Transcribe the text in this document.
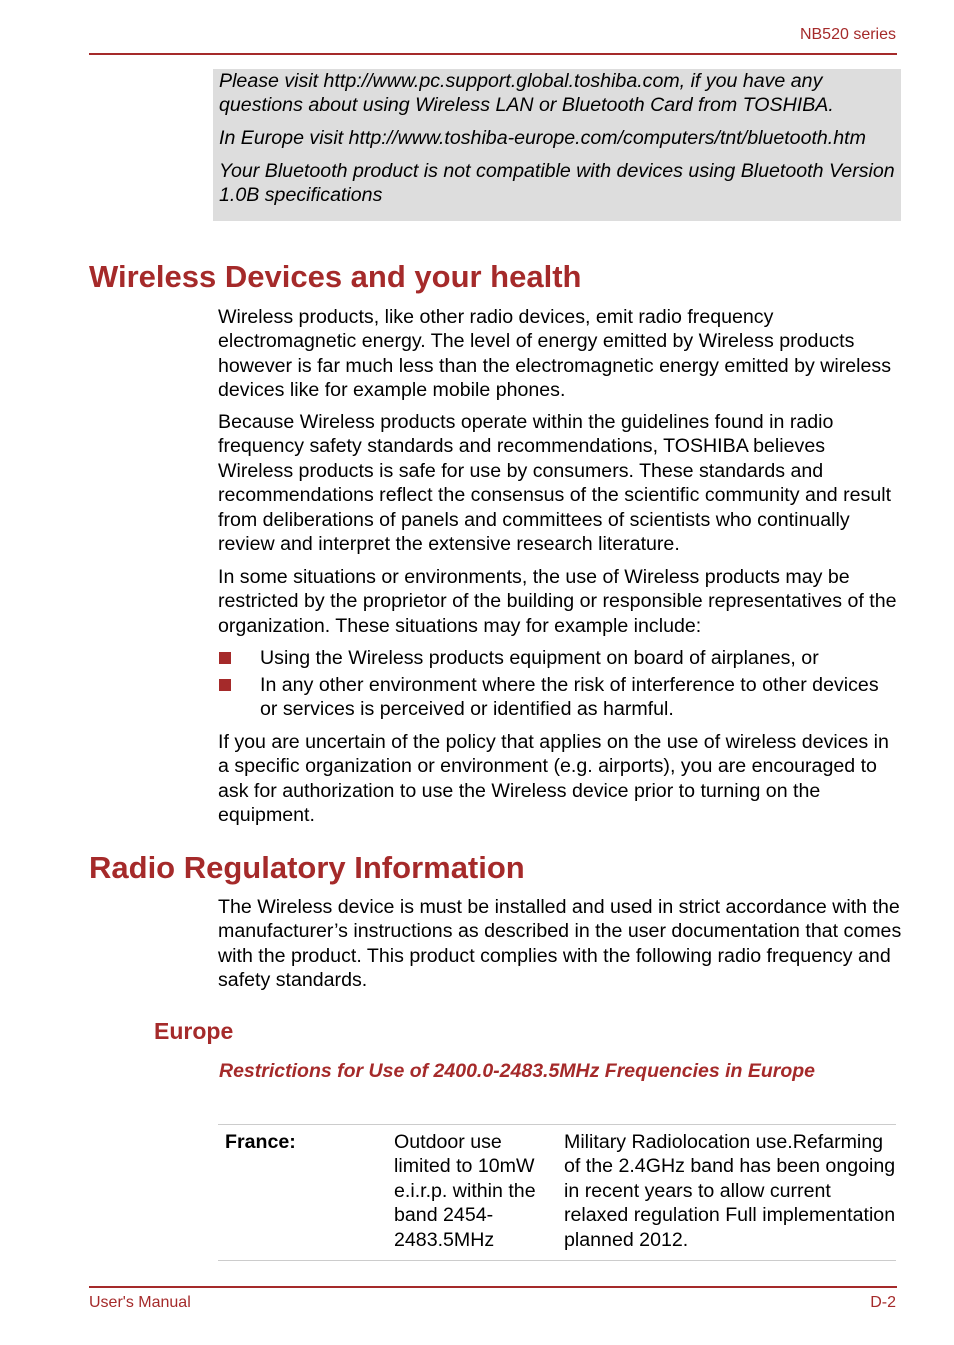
NB520 series

Please visit http://www.pc.support.global.toshiba.com, if you have any questions about using Wireless LAN or Bluetooth Card from TOSHIBA.

In Europe visit http://www.toshiba-europe.com/computers/tnt/bluetooth.htm

Your Bluetooth product is not compatible with devices using Bluetooth Version 1.0B specifications

Wireless Devices and your health

Wireless products, like other radio devices, emit radio frequency electromagnetic energy. The level of energy emitted by Wireless products however is far much less than the electromagnetic energy emitted by wireless devices like for example mobile phones.

Because Wireless products operate within the guidelines found in radio frequency safety standards and recommendations, TOSHIBA believes Wireless products is safe for use by consumers. These standards and recommendations reflect the consensus of the scientific community and result from deliberations of panels and committees of scientists who continually review and interpret the extensive research literature.

In some situations or environments, the use of Wireless products may be restricted by the proprietor of the building or responsible representatives of the organization. These situations may for example include:

Using the Wireless products equipment on board of airplanes, or

In any other environment where the risk of interference to other devices or services is perceived or identified as harmful.

If you are uncertain of the policy that applies on the use of wireless devices in a specific organization or environment (e.g. airports), you are encouraged to ask for authorization to use the Wireless device prior to turning on the equipment.

Radio Regulatory Information

The Wireless device is must be installed and used in strict accordance with the manufacturer’s instructions as described in the user documentation that comes with the product. This product complies with the following radio frequency and safety standards.

Europe

Restrictions for Use of 2400.0-2483.5MHz Frequencies in Europe

France:	Outdoor use limited to 10mW e.i.r.p. within the band 2454-2483.5MHz

Military Radiolocation use.Refarming of the 2.4GHz band has been ongoing in recent years to allow current relaxed regulation Full implementation planned 2012.

User's Manual	D-2
